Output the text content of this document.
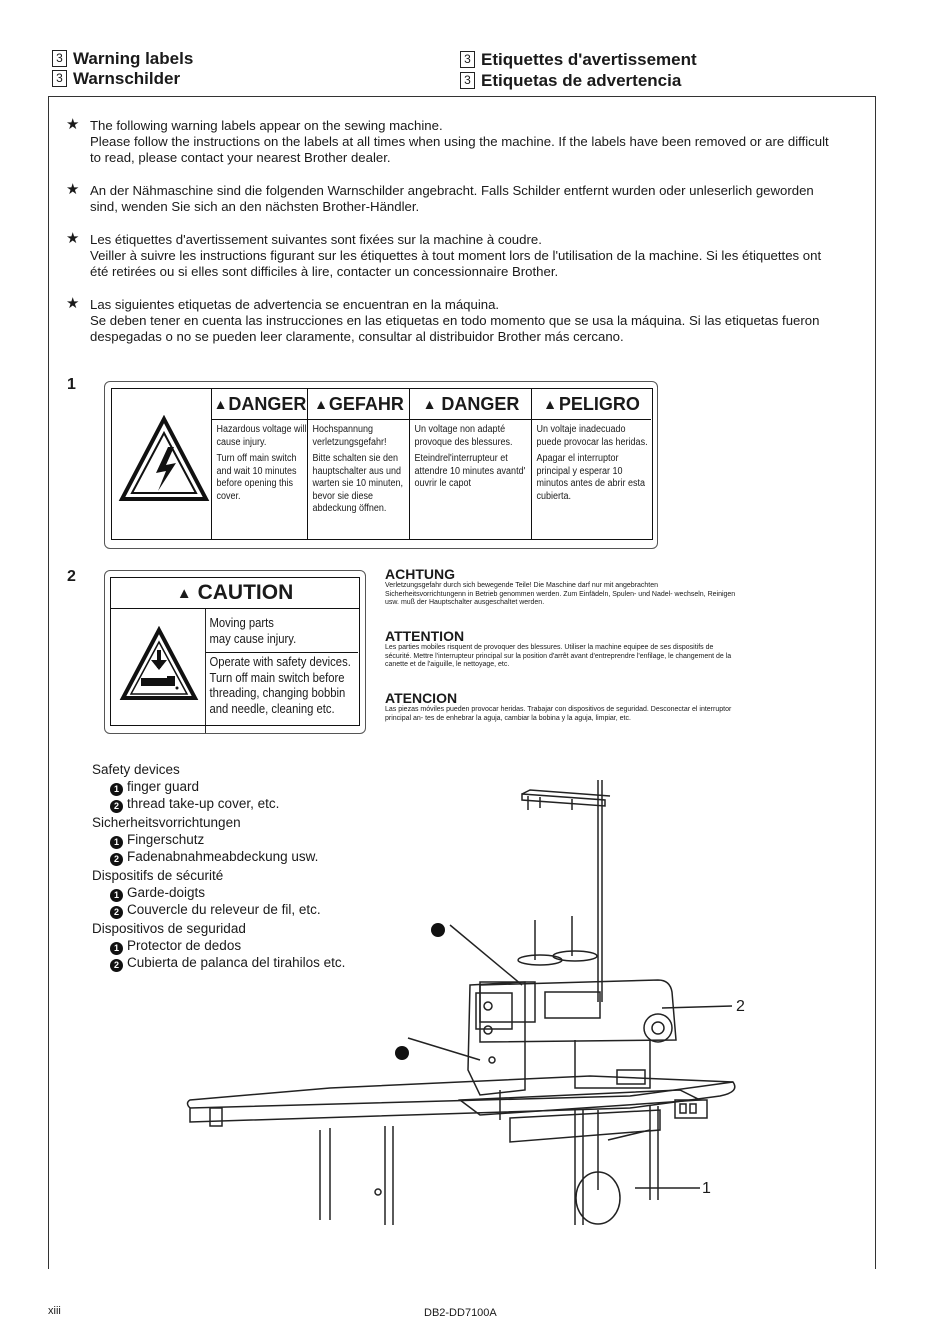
3 Warning labels
3 Warnschilder
3 Etiquettes d'avertissement
3 Etiquetas de advertencia
★ The following warning labels appear on the sewing machine.
Please follow the instructions on the labels at all times when using the machine. If the labels have been removed or are difficult to read, please contact your nearest Brother dealer.
★ An der Nähmaschine sind die folgenden Warnschilder angebracht. Falls Schilder entfernt wurden oder unleserlich geworden sind, wenden Sie sich an den nächsten Brother-Händler.
★ Les étiquettes d'avertissement suivantes sont fixées sur la machine à coudre.
Veiller à suivre les instructions figurant sur les étiquettes à tout moment lors de l'utilisation de la machine. Si les étiquettes ont été retirées ou si elles sont difficiles à lire, contacter un concessionnaire Brother.
★ Las siguientes etiquetas de advertencia se encuentran en la máquina.
Se deben tener en cuenta las instrucciones en las etiquetas en todo momento que se usa la máquina. Si las etiquetas fueron despegadas o no se pueden leer claramente, consultar al distribuidor Brother más cercano.
1
▲ DANGER

Hazardous voltage will cause injury.

Turn off main switch and wait 10 minutes before opening this cover.

▲ GEFAHR

Hochspannung verletzungsgefahr!

Bitte schalten sie den hauptschalter aus und warten sie 10 minuten, bevor sie diese abdeckung öffnen.

▲ DANGER

Un voltage non adapté provoque des blessures.

Eteindrel'interrupteur et attendre 10 minutes avantd' ouvrir le capot

▲ PELIGRO

Un voltaje inadecuado puede provocar las heridas.

Apagar el interruptor principal y esperar 10 minutos antes de abrir esta cubierta.

2
▲ CAUTION
Moving parts
may cause injury.
Operate with safety devices.
Turn off main switch before
threading, changing bobbin
and needle, cleaning etc.
ACHTUNG
Verletzungsgefahr durch sich bewegende Teile! Die Maschine darf nur mit angebrachten Sicherheitsvorrichtungenn in Betrieb genommen werden. Zum Einfädeln, Spulen- und Nadel- wechseln, Reinigen usw. muß der Hauptschalter ausgeschaltet werden.
ATTENTION
Les parties mobiles risquent de provoquer des blessures. Utiliser la machine equipee de ses dispositifs de sécurité. Mettre l'interrupteur principal sur la position d'arrêt avant d'entreprendre l'enfilage, le changement de la canette et de l'aiguille, le nettoyage, etc.
ATENCION
Las piezas móviles pueden provocar heridas. Trabajar con dispositivos de seguridad. Desconectar el interruptor principal an- tes de enhebrar la aguja, cambiar la bobina y la aguja, limpiar, etc.
Safety devices
1 finger guard
2 thread take-up cover, etc.
Sicherheitsvorrichtungen
1 Fingerschutz
2 Fadenabnahmeabdeckung usw.
Dispositifs de sécurité
1 Garde-doigts
2 Couvercle du releveur de fil, etc.
Dispositivos de seguridad
1 Protector de dedos
2 Cubierta de palanca del tirahilos etc.
2
1
xiii	DB2-DD7100A
